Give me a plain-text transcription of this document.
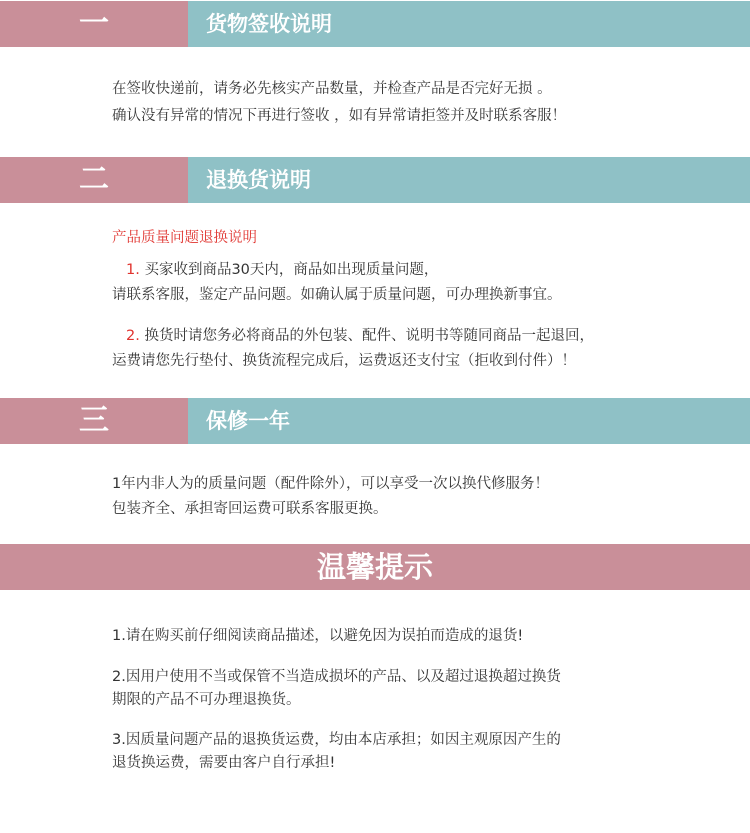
一	货物签收说明

在签收快递前，请务必先核实产品数量，并检查产品是否完好无损 。

确认没有异常的情况下再进行签收 ，如有异常请拒签并及时联系客服！

二	退换货说明

产品质量问题退换说明

1. 买家收到商品30天内，商品如出现质量问题，

请联系客服，鉴定产品问题。如确认属于质量问题，可办理换新事宜。

2. 换货时请您务必将商品的外包装、配件、说明书等随同商品一起退回，

运费请您先行垫付、换货流程完成后，运费返还支付宝（拒收到付件）！

三	保修一年

1年内非人为的质量问题（配件除外），可以享受一次以换代修服务！

包装齐全、承担寄回运费可联系客服更换。

温馨提示

1.请在购买前仔细阅读商品描述，以避免因为误拍而造成的退货!

2.因用户使用不当或保管不当造成损坏的产品、以及超过退换超过换货

期限的产品不可办理退换货。

3.因质量问题产品的退换货运费，均由本店承担；如因主观原因产生的

退货换运费，需要由客户自行承担!
